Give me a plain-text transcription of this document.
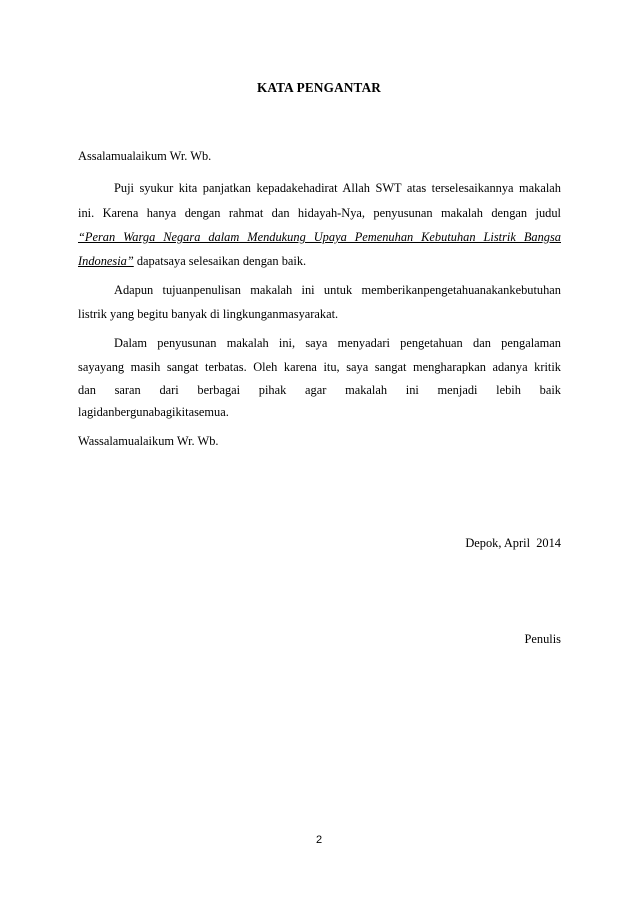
KATA PENGANTAR
Assalamualaikum Wr. Wb.
Puji syukur kita panjatkan kepadakehadirat Allah SWT atas terselesaikannya makalah
ini. Karena hanya dengan rahmat dan hidayah-Nya, penyusunan makalah dengan judul
“Peran Warga Negara dalam Mendukung Upaya Pemenuhan Kebutuhan Listrik Bangsa
Indonesia” dapatsaya selesaikan dengan baik.
Adapun tujuanpenulisan makalah ini untuk memberikanpengetahuanakankebutuhan
listrik yang begitu banyak di lingkunganmasyarakat.
Dalam penyusunan makalah ini, saya menyadari pengetahuan dan pengalaman
sayayang masih sangat terbatas. Oleh karena itu, saya sangat mengharapkan adanya kritik
dan saran dari berbagai pihak agar makalah ini menjadi lebih baik
lagidanbergunabagikitasemua.
Wassalamualaikum Wr. Wb.
Depok, April  2014
Penulis
2
